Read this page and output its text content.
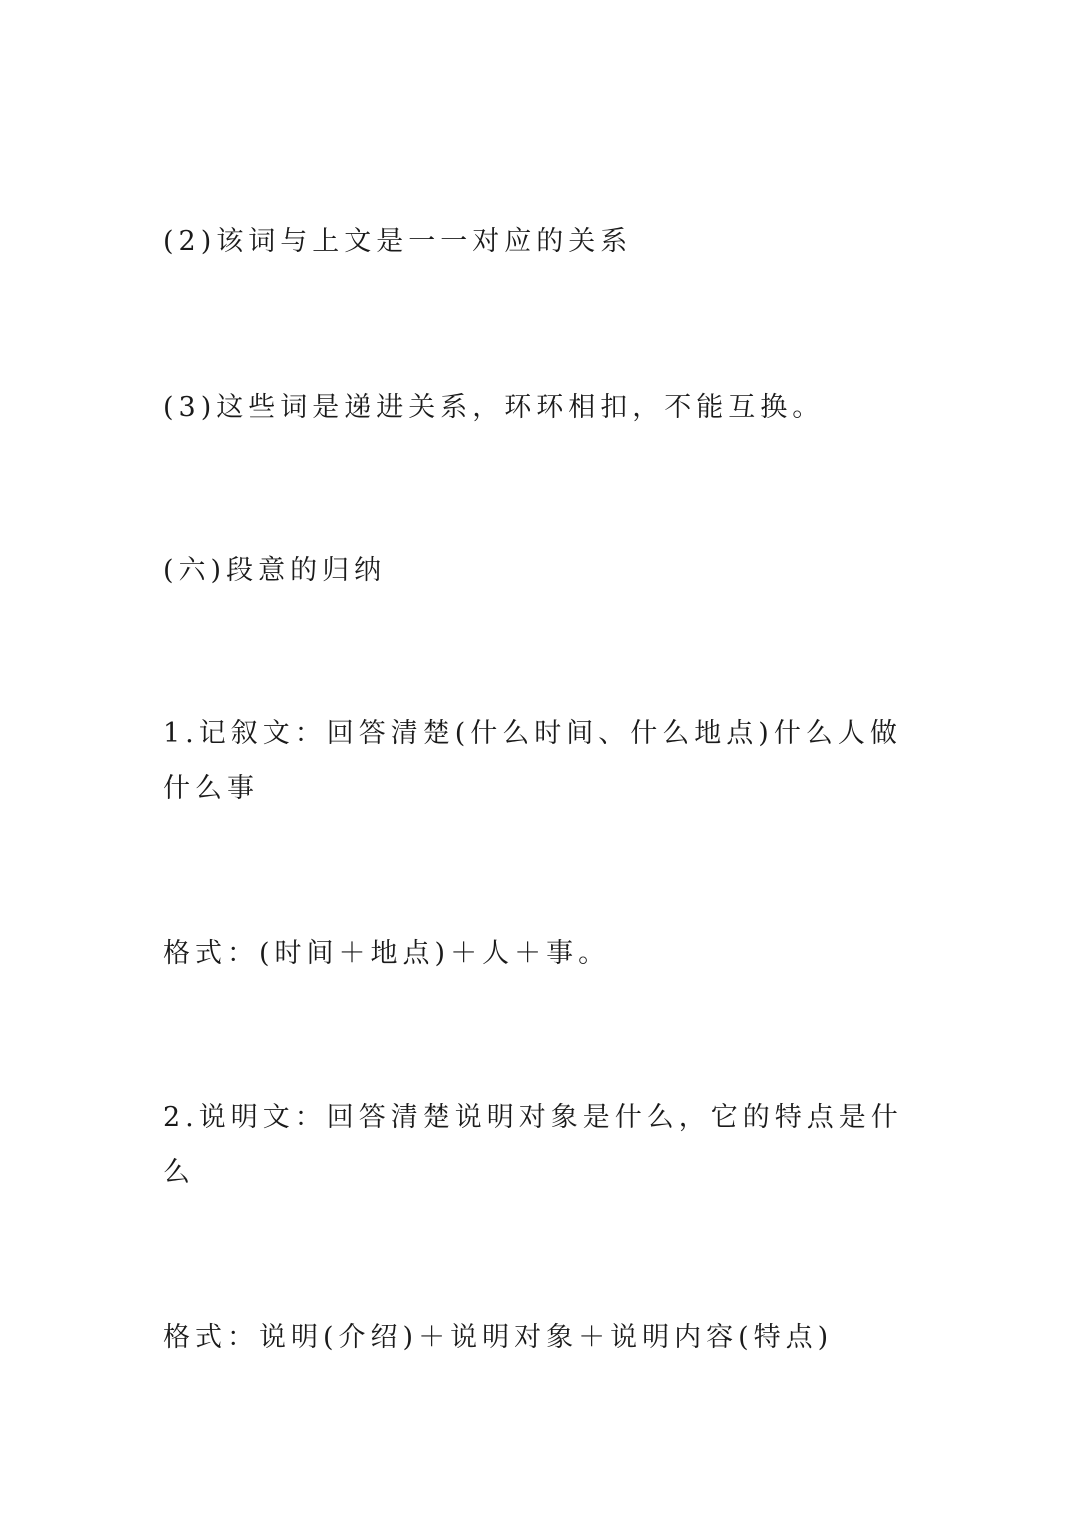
(2)该词与上文是一一对应的关系

(3)这些词是递进关系，环环相扣，不能互换。

(六)段意的归纳

1.记叙文：回答清楚(什么时间、什么地点)什么人做什么事

格式：(时间＋地点)＋人＋事。

2.说明文：回答清楚说明对象是什么，它的特点是什么

格式：说明(介绍)＋说明对象＋说明内容(特点)
